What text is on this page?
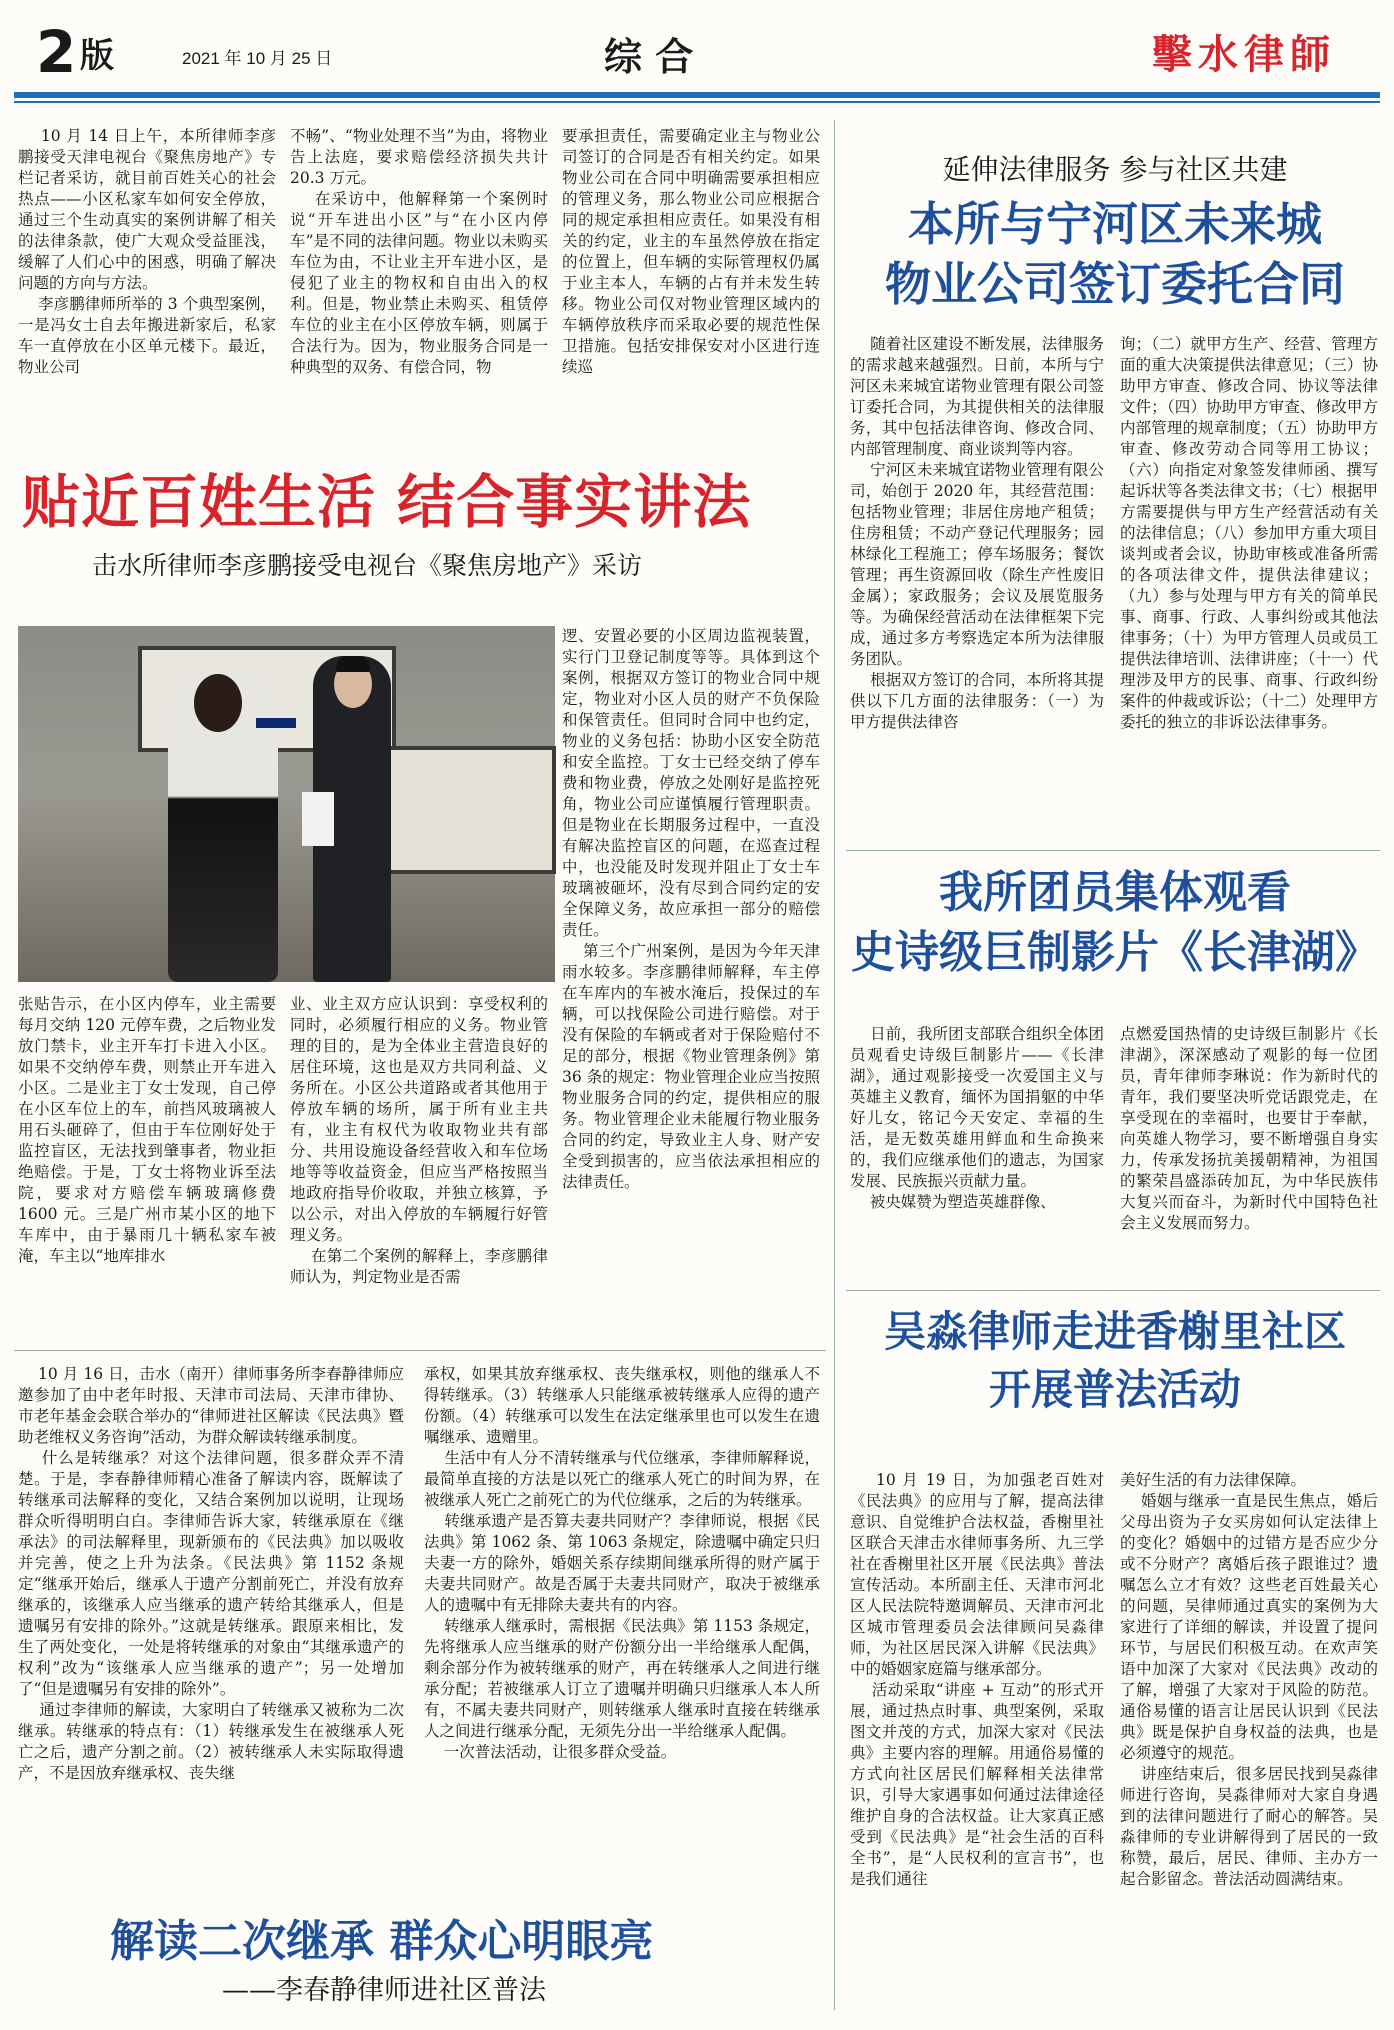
2 版	2021 年 10 月 25 日	综 合	擊水律師

10 月 14 日上午，本所律师李彦鹏接受天津电视台《聚焦房地产》专栏记者采访，就目前百姓关心的社会热点——小区私家车如何安全停放，通过三个生动真实的案例讲解了相关的法律条款，使广大观众受益匪浅，缓解了人们心中的困惑，明确了解决问题的方向与方法。
李彦鹏律师所举的 3 个典型案例，一是冯女士自去年搬进新家后，私家车一直停放在小区单元楼下。最近，物业公司

不畅”、“物业处理不当”为由，将物业告上法庭，要求赔偿经济损失共计 20.3 万元。
在采访中，他解释第一个案例时说“开车进出小区”与“在小区内停车”是不同的法律问题。物业以未购买车位为由，不让业主开车进小区，是侵犯了业主的物权和自由出入的权利。但是，物业禁止未购买、租赁停车位的业主在小区停放车辆，则属于合法行为。因为，物业服务合同是一种典型的双务、有偿合同，物

要承担责任，需要确定业主与物业公司签订的合同是否有相关约定。如果物业公司在合同中明确需要承担相应的管理义务，那么物业公司应根据合同的规定承担相应责任。如果没有相关的约定，业主的车虽然停放在指定的位置上，但车辆的实际管理权仍属于业主本人，车辆的占有并未发生转移。物业公司仅对物业管理区域内的车辆停放秩序而采取必要的规范性保卫措施。包括安排保安对小区进行连续巡

贴近百姓生活 结合事实讲法
击水所律师李彦鹏接受电视台《聚焦房地产》采访

逻、安置必要的小区周边监视装置，实行门卫登记制度等等。具体到这个案例，根据双方签订的物业合同中规定，物业对小区人员的财产不负保险和保管责任。但同时合同中也约定，物业的义务包括：协助小区安全防范和安全监控。丁女士已经交纳了停车费和物业费，停放之处刚好是监控死角，物业公司应谨慎履行管理职责。但是物业在长期服务过程中，一直没有解决监控盲区的问题，在巡查过程中，也没能及时发现并阻止丁女士车玻璃被砸坏，没有尽到合同约定的安全保障义务，故应承担一部分的赔偿责任。
第三个广州案例，是因为今年天津雨水较多。李彦鹏律师解释，车主停在车库内的车被水淹后，投保过的车辆，可以找保险公司进行赔偿。对于没有保险的车辆或者对于保险赔付不足的部分，根据《物业管理条例》第 36 条的规定：物业管理企业应当按照物业服务合同的约定，提供相应的服务。物业管理企业未能履行物业服务合同的约定，导致业主人身、财产安全受到损害的，应当依法承担相应的法律责任。

张贴告示，在小区内停车，业主需要每月交纳 120 元停车费，之后物业发放门禁卡，业主开车打卡进入小区。如果不交纳停车费，则禁止开车进入小区。二是业主丁女士发现，自己停在小区车位上的车，前挡风玻璃被人用石头砸碎了，但由于车位刚好处于监控盲区，无法找到肇事者，物业拒绝赔偿。于是，丁女士将物业诉至法院，要求对方赔偿车辆玻璃修费 1600 元。三是广州市某小区的地下车库中，由于暴雨几十辆私家车被淹，车主以“地库排水

业、业主双方应认识到：享受权利的同时，必须履行相应的义务。物业管理的目的，是为全体业主营造良好的居住环境，这也是双方共同利益、义务所在。小区公共道路或者其他用于停放车辆的场所，属于所有业主共有，业主有权代为收取物业共有部分、共用设施设备经营收入和车位场地等等收益资金，但应当严格按照当地政府指导价收取，并独立核算，予以公示，对出入停放的车辆履行好管理义务。
在第二个案例的解释上，李彦鹏律师认为，判定物业是否需

10 月 16 日，击水（南开）律师事务所李春静律师应邀参加了由中老年时报、天津市司法局、天津市律协、市老年基金会联合举办的“律师进社区解读《民法典》暨助老维权义务咨询”活动，为群众解读转继承制度。
什么是转继承？对这个法律问题，很多群众弄不清楚。于是，李春静律师精心准备了解读内容，既解读了转继承司法解释的变化，又结合案例加以说明，让现场群众听得明明白白。李律师告诉大家，转继承原在《继承法》的司法解释里，现新颁布的《民法典》加以吸收并完善，使之上升为法条。《民法典》第 1152 条规定“继承开始后，继承人于遗产分割前死亡，并没有放弃继承的，该继承人应当继承的遗产转给其继承人，但是遗嘱另有安排的除外。”这就是转继承。跟原来相比，发生了两处变化，一处是将转继承的对象由“其继承遗产的权利”改为“该继承人应当继承的遗产”；另一处增加了“但是遗嘱另有安排的除外”。
通过李律师的解读，大家明白了转继承又被称为二次继承。转继承的特点有：（1）转继承发生在被继承人死亡之后，遗产分割之前。（2）被转继承人未实际取得遗产，不是因放弃继承权、丧失继

承权，如果其放弃继承权、丧失继承权，则他的继承人不得转继承。（3）转继承人只能继承被转继承人应得的遗产份额。（4）转继承可以发生在法定继承里也可以发生在遗嘱继承、遗赠里。
生活中有人分不清转继承与代位继承，李律师解释说，最简单直接的方法是以死亡的继承人死亡的时间为界，在被继承人死亡之前死亡的为代位继承，之后的为转继承。
转继承遗产是否算夫妻共同财产？李律师说，根据《民法典》第 1062 条、第 1063 条规定，除遗嘱中确定只归夫妻一方的除外，婚姻关系存续期间继承所得的财产属于夫妻共同财产。故是否属于夫妻共同财产，取决于被继承人的遗嘱中有无排除夫妻共有的内容。
转继承人继承时，需根据《民法典》第 1153 条规定，先将继承人应当继承的财产份额分出一半给继承人配偶，剩余部分作为被转继承的财产，再在转继承人之间进行继承分配；若被继承人订立了遗嘱并明确只归继承人本人所有，不属夫妻共同财产，则转继承人继承时直接在转继承人之间进行继承分配，无须先分出一半给继承人配偶。
一次普法活动，让很多群众受益。

解读二次继承 群众心明眼亮
——李春静律师进社区普法
延伸法律服务 参与社区共建
本所与宁河区未来城
物业公司签订委托合同

随着社区建设不断发展，法律服务的需求越来越强烈。日前，本所与宁河区未来城宜诺物业管理有限公司签订委托合同，为其提供相关的法律服务，其中包括法律咨询、修改合同、内部管理制度、商业谈判等内容。
宁河区未来城宜诺物业管理有限公司，始创于 2020 年，其经营范围：包括物业管理；非居住房地产租赁；住房租赁；不动产登记代理服务；园林绿化工程施工；停车场服务；餐饮管理；再生资源回收（除生产性废旧金属）；家政服务；会议及展览服务等。为确保经营活动在法律框架下完成，通过多方考察选定本所为法律服务团队。
根据双方签订的合同，本所将其提供以下几方面的法律服务：（一）为甲方提供法律咨

询；（二）就甲方生产、经营、管理方面的重大决策提供法律意见；（三）协助甲方审查、修改合同、协议等法律文件；（四）协助甲方审查、修改甲方内部管理的规章制度；（五）协助甲方审查、修改劳动合同等用工协议；（六）向指定对象签发律师函、撰写起诉状等各类法律文书；（七）根据甲方需要提供与甲方生产经营活动有关的法律信息；（八）参加甲方重大项目谈判或者会议，协助审核或准备所需的各项法律文件，提供法律建议；（九）参与处理与甲方有关的简单民事、商事、行政、人事纠纷或其他法律事务；（十）为甲方管理人员或员工提供法律培训、法律讲座；（十一）代理涉及甲方的民事、商事、行政纠纷案件的仲裁或诉讼；（十二）处理甲方委托的独立的非诉讼法律事务。

我所团员集体观看
史诗级巨制影片《长津湖》

日前，我所团支部联合组织全体团员观看史诗级巨制影片——《长津湖》，通过观影接受一次爱国主义与英雄主义教育，缅怀为国捐躯的中华好儿女，铭记今天安定、幸福的生活，是无数英雄用鲜血和生命换来的，我们应继承他们的遗志，为国家发展、民族振兴贡献力量。
被央媒赞为塑造英雄群像、

点燃爱国热情的史诗级巨制影片《长津湖》，深深感动了观影的每一位团员，青年律师李琳说：作为新时代的青年，我们要坚决听党话跟党走，在享受现在的幸福时，也要甘于奉献，向英雄人物学习，要不断增强自身实力，传承发扬抗美援朝精神，为祖国的繁荣昌盛添砖加瓦，为中华民族伟大复兴而奋斗，为新时代中国特色社会主义发展而努力。

吴淼律师走进香榭里社区
开展普法活动

10 月 19 日，为加强老百姓对《民法典》的应用与了解，提高法律意识、自觉维护合法权益，香榭里社区联合天津击水律师事务所、九三学社在香榭里社区开展《民法典》普法宣传活动。本所副主任、天津市河北区人民法院特邀调解员、天津市河北区城市管理委员会法律顾问吴淼律师，为社区居民深入讲解《民法典》中的婚姻家庭篇与继承部分。
活动采取“讲座 + 互动”的形式开展，通过热点时事、典型案例，采取图文并茂的方式，加深大家对《民法典》主要内容的理解。用通俗易懂的方式向社区居民们解释相关法律常识，引导大家遇事如何通过法律途径维护自身的合法权益。让大家真正感受到《民法典》是“社会生活的百科全书”，是“人民权利的宣言书”，也是我们通往

美好生活的有力法律保障。
婚姻与继承一直是民生焦点，婚后父母出资为子女买房如何认定法律上的变化？婚姻中的过错方是否应少分或不分财产？离婚后孩子跟谁过？遗嘱怎么立才有效？这些老百姓最关心的问题，吴律师通过真实的案例为大家进行了详细的解读，并设置了提问环节，与居民们积极互动。在欢声笑语中加深了大家对《民法典》改动的了解，增强了大家对于风险的防范。通俗易懂的语言让居民认识到《民法典》既是保护自身权益的法典，也是必须遵守的规范。
讲座结束后，很多居民找到吴淼律师进行咨询，吴淼律师对大家自身遇到的法律问题进行了耐心的解答。吴淼律师的专业讲解得到了居民的一致称赞，最后，居民、律师、主办方一起合影留念。普法活动圆满结束。
